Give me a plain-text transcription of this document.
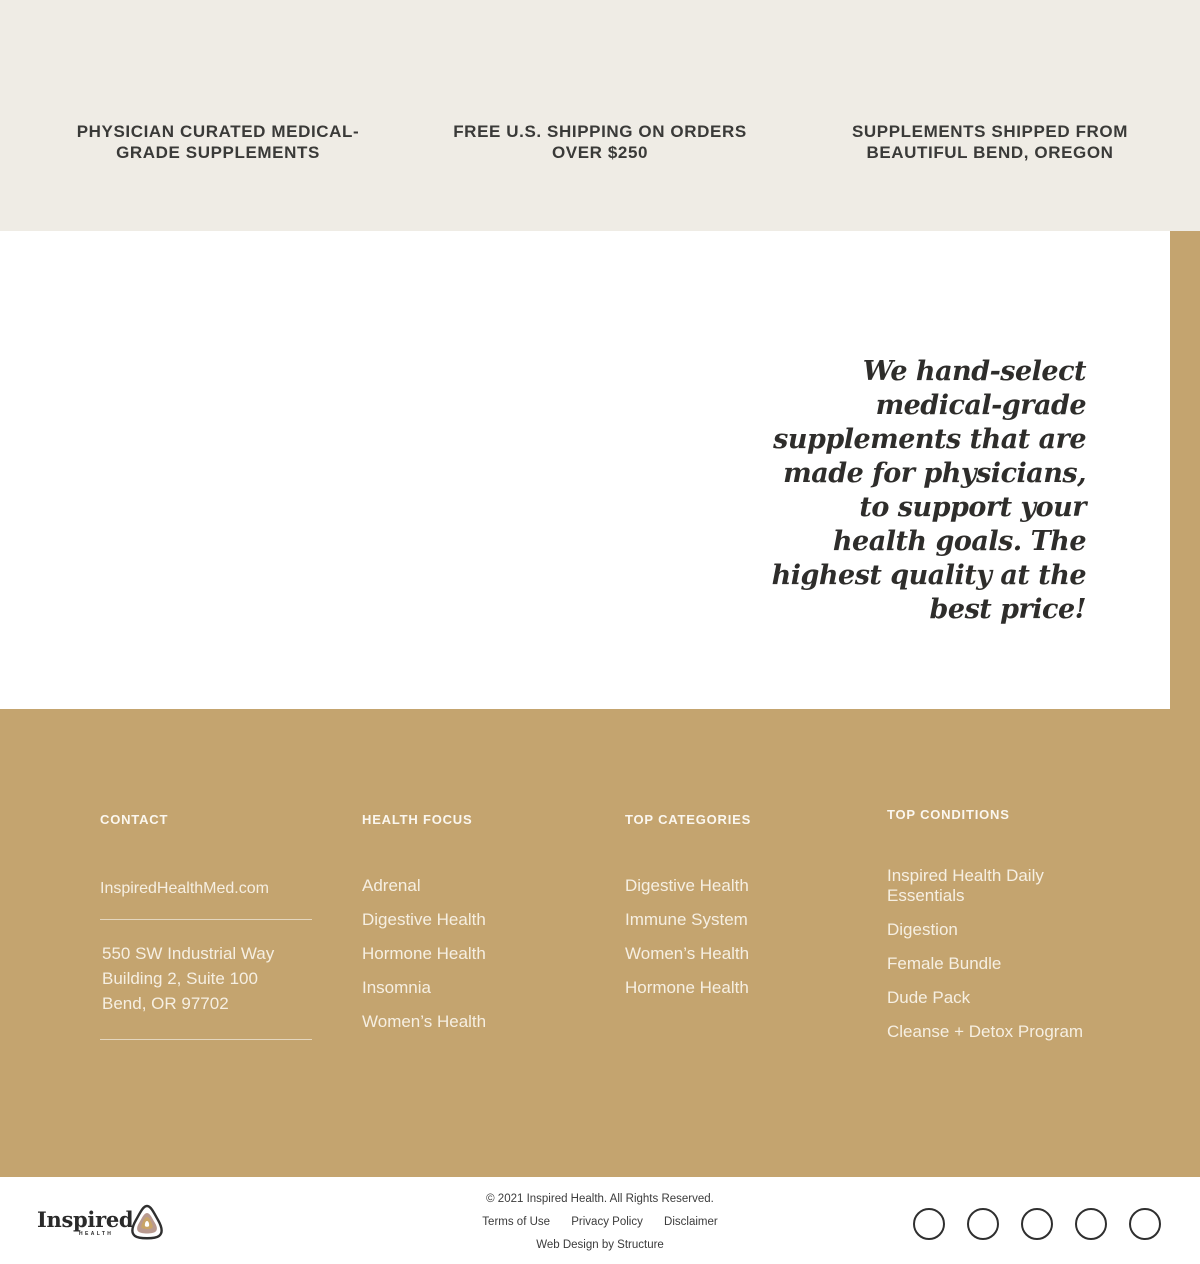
PHYSICIAN CURATED MEDICAL-GRADE SUPPLEMENTS
FREE U.S. SHIPPING ON ORDERS OVER $250
SUPPLEMENTS SHIPPED FROM BEAUTIFUL BEND, OREGON
We hand-select medical-grade supplements that are made for physicians, to support your health goals. The highest quality at the best price!
CONTACT
InspiredHealthMed.com
550 SW Industrial Way
Building 2, Suite 100
Bend, OR 97702
HEALTH FOCUS
Adrenal
Digestive Health
Hormone Health
Insomnia
Women’s Health
TOP CATEGORIES
Digestive Health
Immune System
Women’s Health
Hormone Health
TOP CONDITIONS
Inspired Health Daily Essentials
Digestion
Female Bundle
Dude Pack
Cleanse + Detox Program
Inspired
HEALTH
© 2021 Inspired Health. All Rights Reserved.
Terms of Use Privacy Policy Disclaimer
Web Design by Structure
